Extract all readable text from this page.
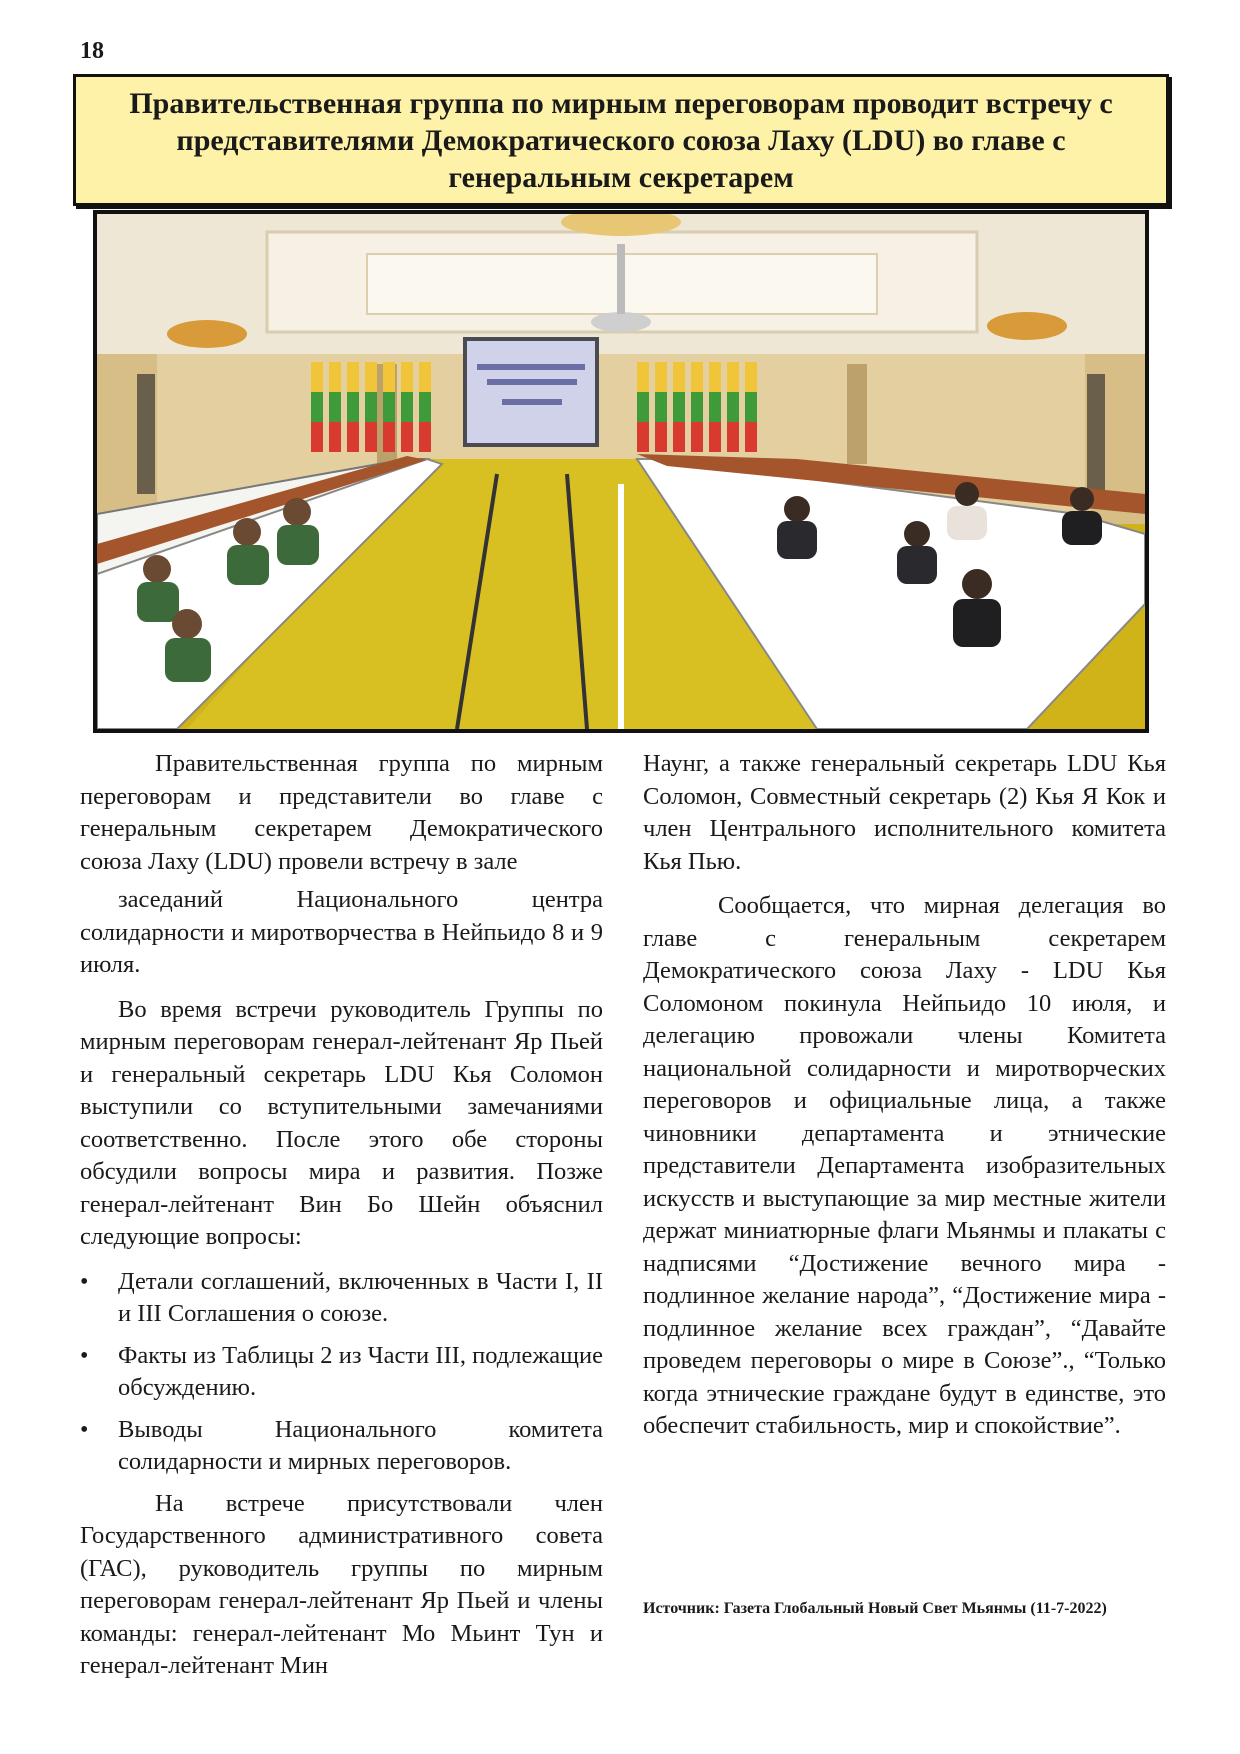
18
Правительственная группа по мирным переговорам проводит встречу с представителями Демократического союза Лаху (LDU) во главе с генеральным секретарем

Правительственная группа по мирным переговорам и представители во главе с генеральным секретарем Демократического союза Лаху (LDU) провели встречу в зале

заседаний Национального центра солидарности и миротворчества в Нейпьидо 8 и 9 июля.

Во время встречи руководитель Группы по мирным переговорам генерал-лейтенант Яр Пьей и генеральный секретарь LDU Кья Соломон выступили со вступительными замечаниями соответственно. После этого обе стороны обсудили вопросы мира и развития. Позже генерал-лейтенант Вин Бо Шейн объяснил следующие вопросы:

• Детали соглашений, включенных в Части I, II и III Соглашения о союзе.
• Факты из Таблицы 2 из Части III, подлежащие обсуждению.
• Выводы Национального комитета солидарности и мирных переговоров.

На встрече присутствовали член Государственного административного совета (ГАС), руководитель группы по мирным переговорам генерал-лейтенант Яр Пьей и члены команды: генерал-лейтенант Мо Мьинт Тун и генерал-лейтенант Мин

Наунг, а также генеральный секретарь LDU Кья Соломон, Совместный секретарь (2) Кья Я Кок и член Центрального исполнительного комитета Кья Пью.

Сообщается, что мирная делегация во главе с генеральным секретарем Демократического союза Лаху - LDU Кья Соломоном покинула Нейпьидо 10 июля, и делегацию провожали члены Комитета национальной солидарности и миротворческих переговоров и официальные лица, а также чиновники департамента и этнические представители Департамента изобразительных искусств и выступающие за мир местные жители держат миниатюрные флаги Мьянмы и плакаты с надписями “Достижение вечного мира - подлинное желание народа”, “Достижение мира - подлинное желание всех граждан”, “Давайте проведем переговоры о мире в Союзе”., “Только когда этнические граждане будут в единстве, это обеспечит стабильность, мир и спокойствие”.

Источник: Газета Глобальный Новый Свет Мьянмы (11-7-2022)
